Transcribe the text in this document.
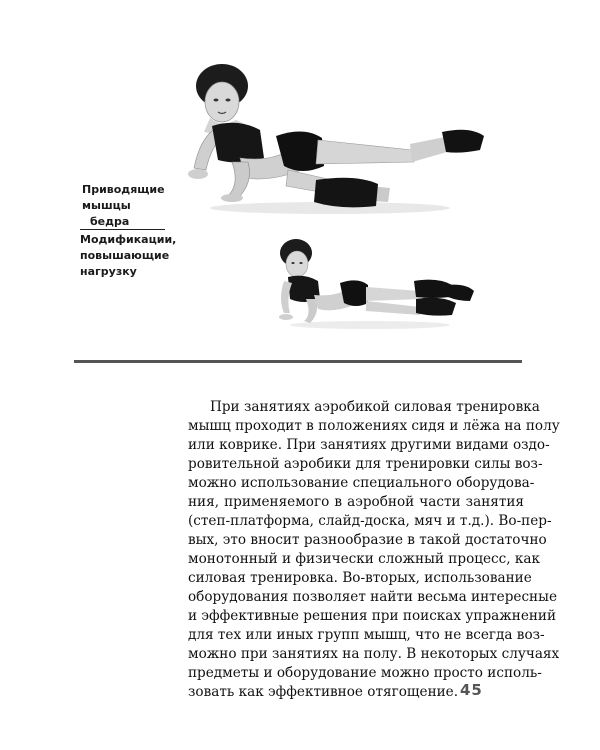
Приводящие
мышцы
бедра
Модификации,
повышающие
нагрузку
При занятиях аэробикой силовая тренировка
мышц проходит в положениях сидя и лёжа на полу
или коврике. При занятиях другими видами оздо-
ровительной аэробики для тренировки силы воз-
можно использование специального оборудова-
ния, применяемого в аэробной части занятия
(степ-платформа, слайд-доска, мяч и т.д.). Во-пер-
вых, это вносит разнообразие в такой достаточно
монотонный и физически сложный процесс, как
силовая тренировка. Во-вторых, использование
оборудования позволяет найти весьма интересные
и эффективные решения при поисках упражнений
для тех или иных групп мышц, что не всегда воз-
можно при занятиях на полу. В некоторых случаях
предметы и оборудование можно просто исполь-
зовать как эффективное отягощение. 45
